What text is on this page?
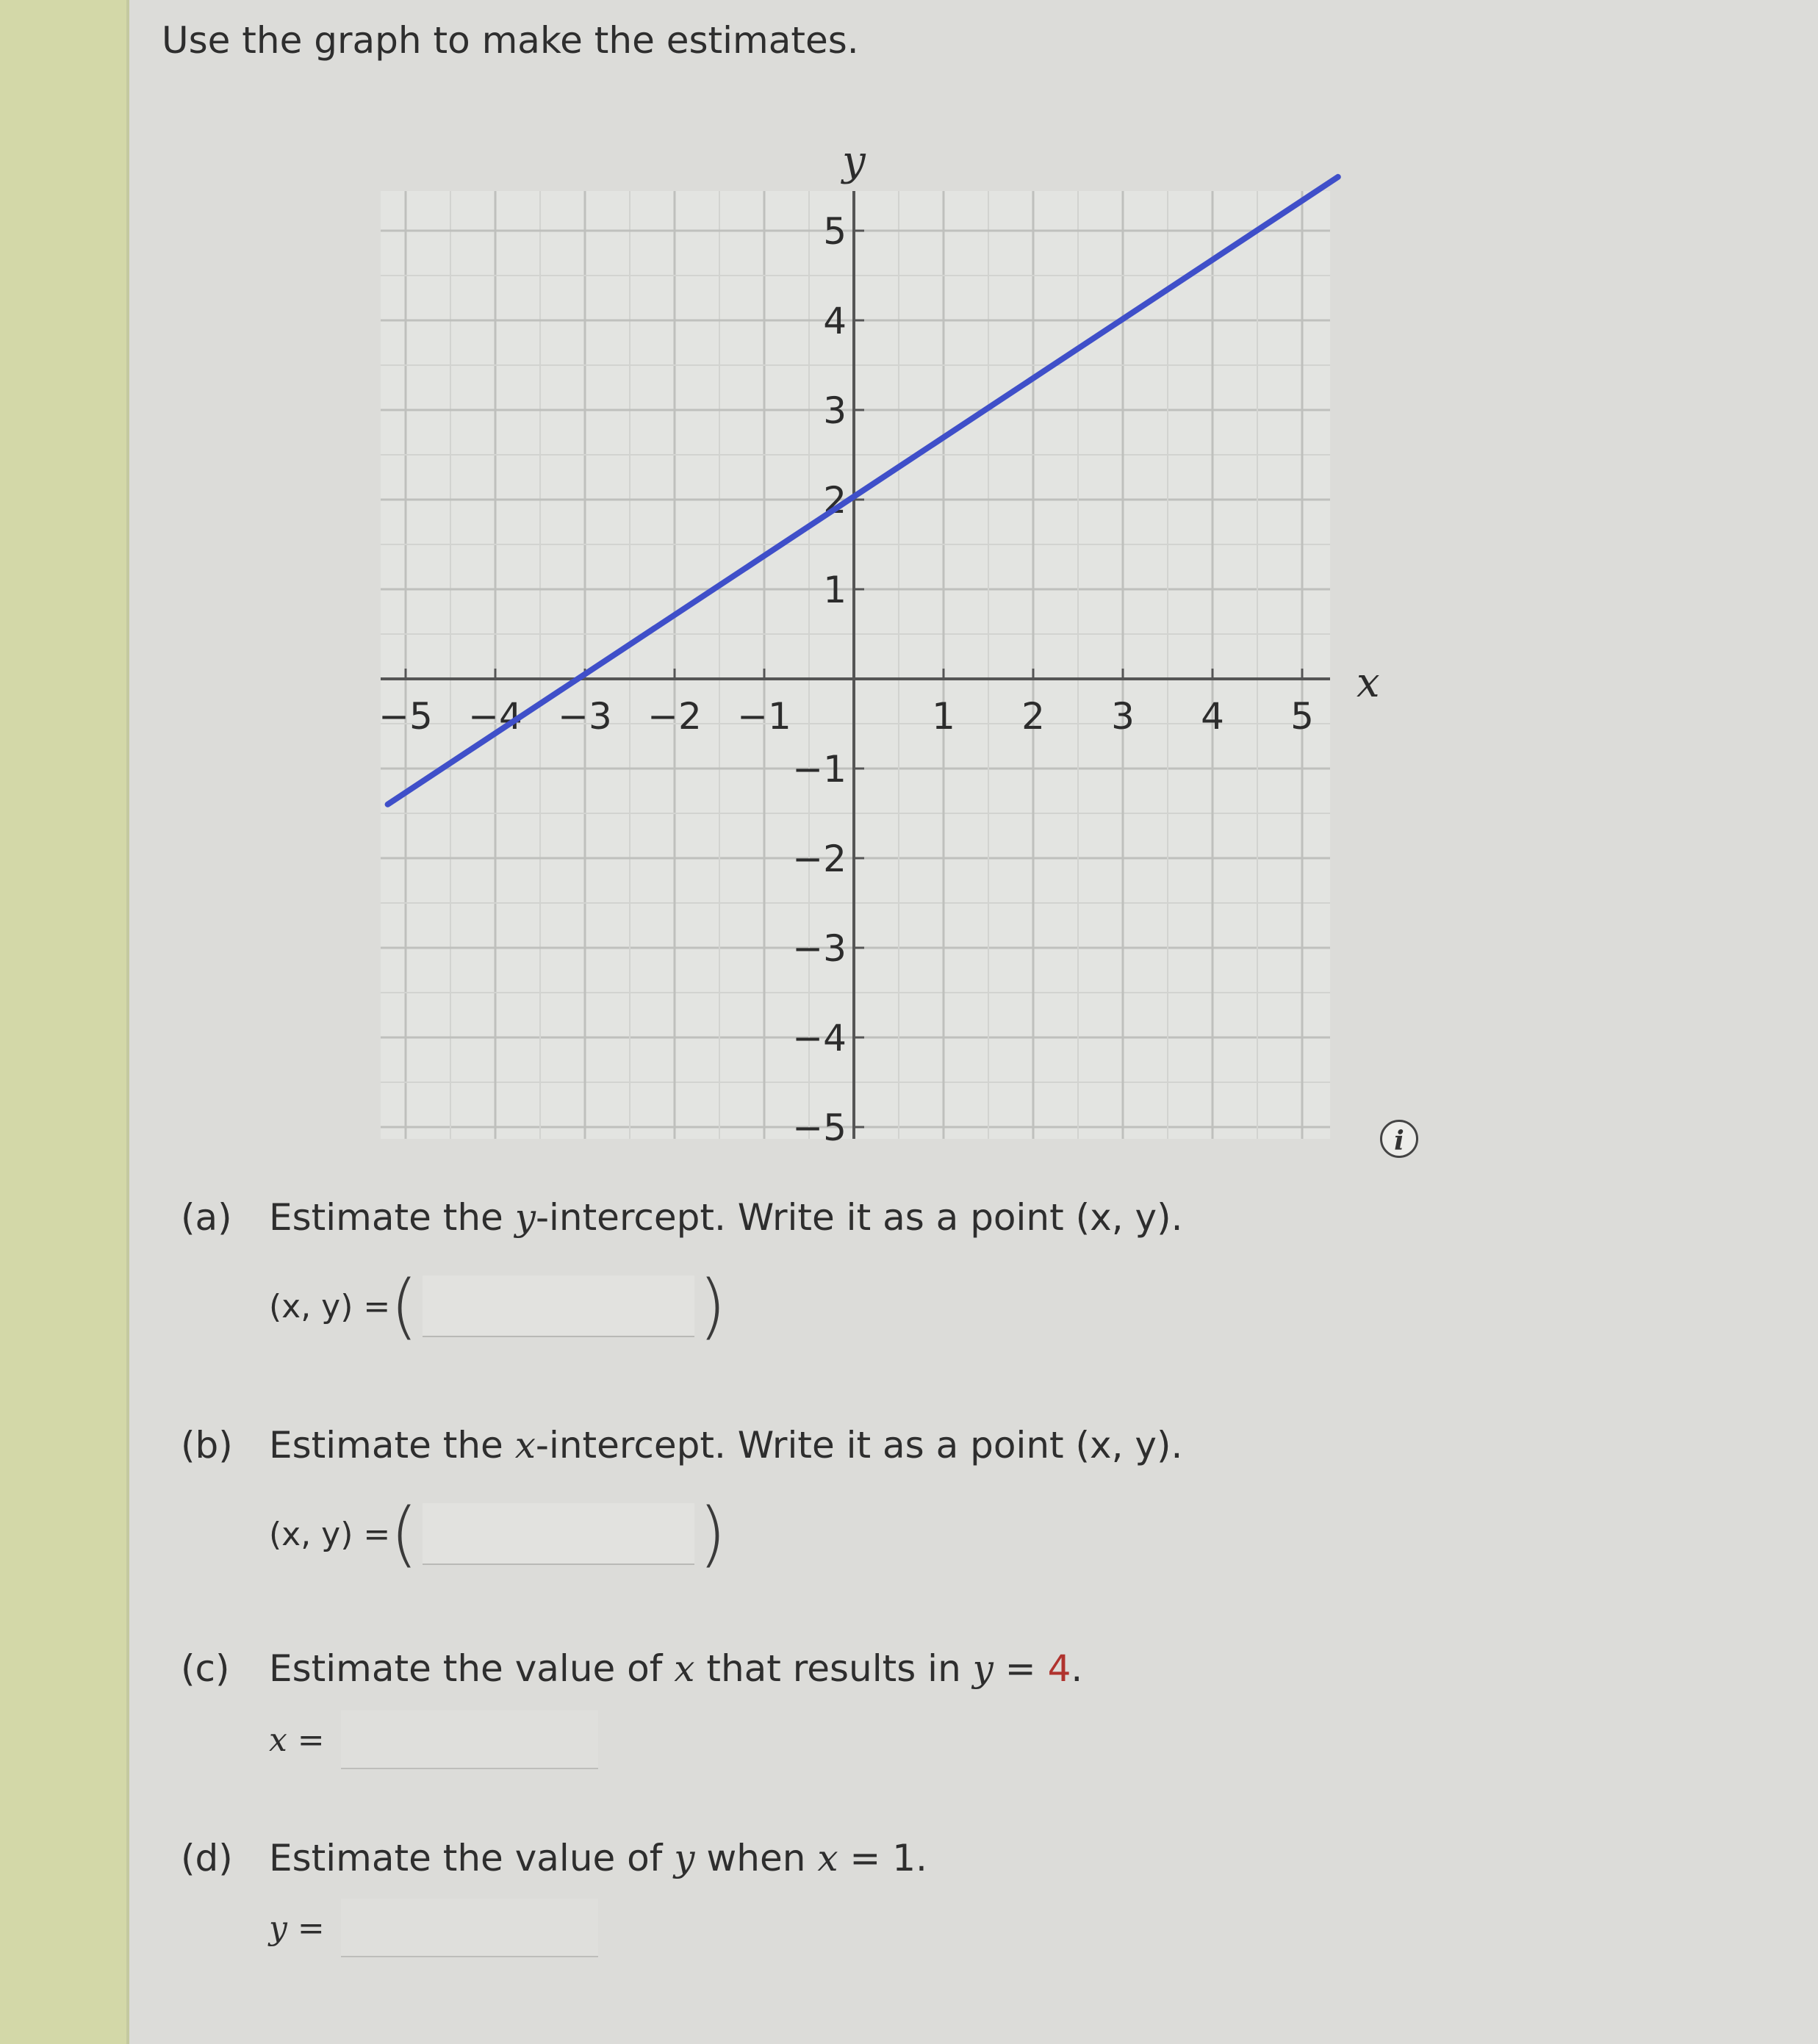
Use the graph to make the estimates.
−5 −4 −3 −2 −1	1 2 3 4 5
5
4
3
2
1
−1
−2
−3
−4
−5
x
y
i
(a) Estimate the y-intercept. Write it as a point (x, y).
(x, y) = (	)
(b) Estimate the x-intercept. Write it as a point (x, y).
(x, y) = (	)
(c) Estimate the value of x that results in y = 4.
x =
(d) Estimate the value of y when x = 1.
y =
